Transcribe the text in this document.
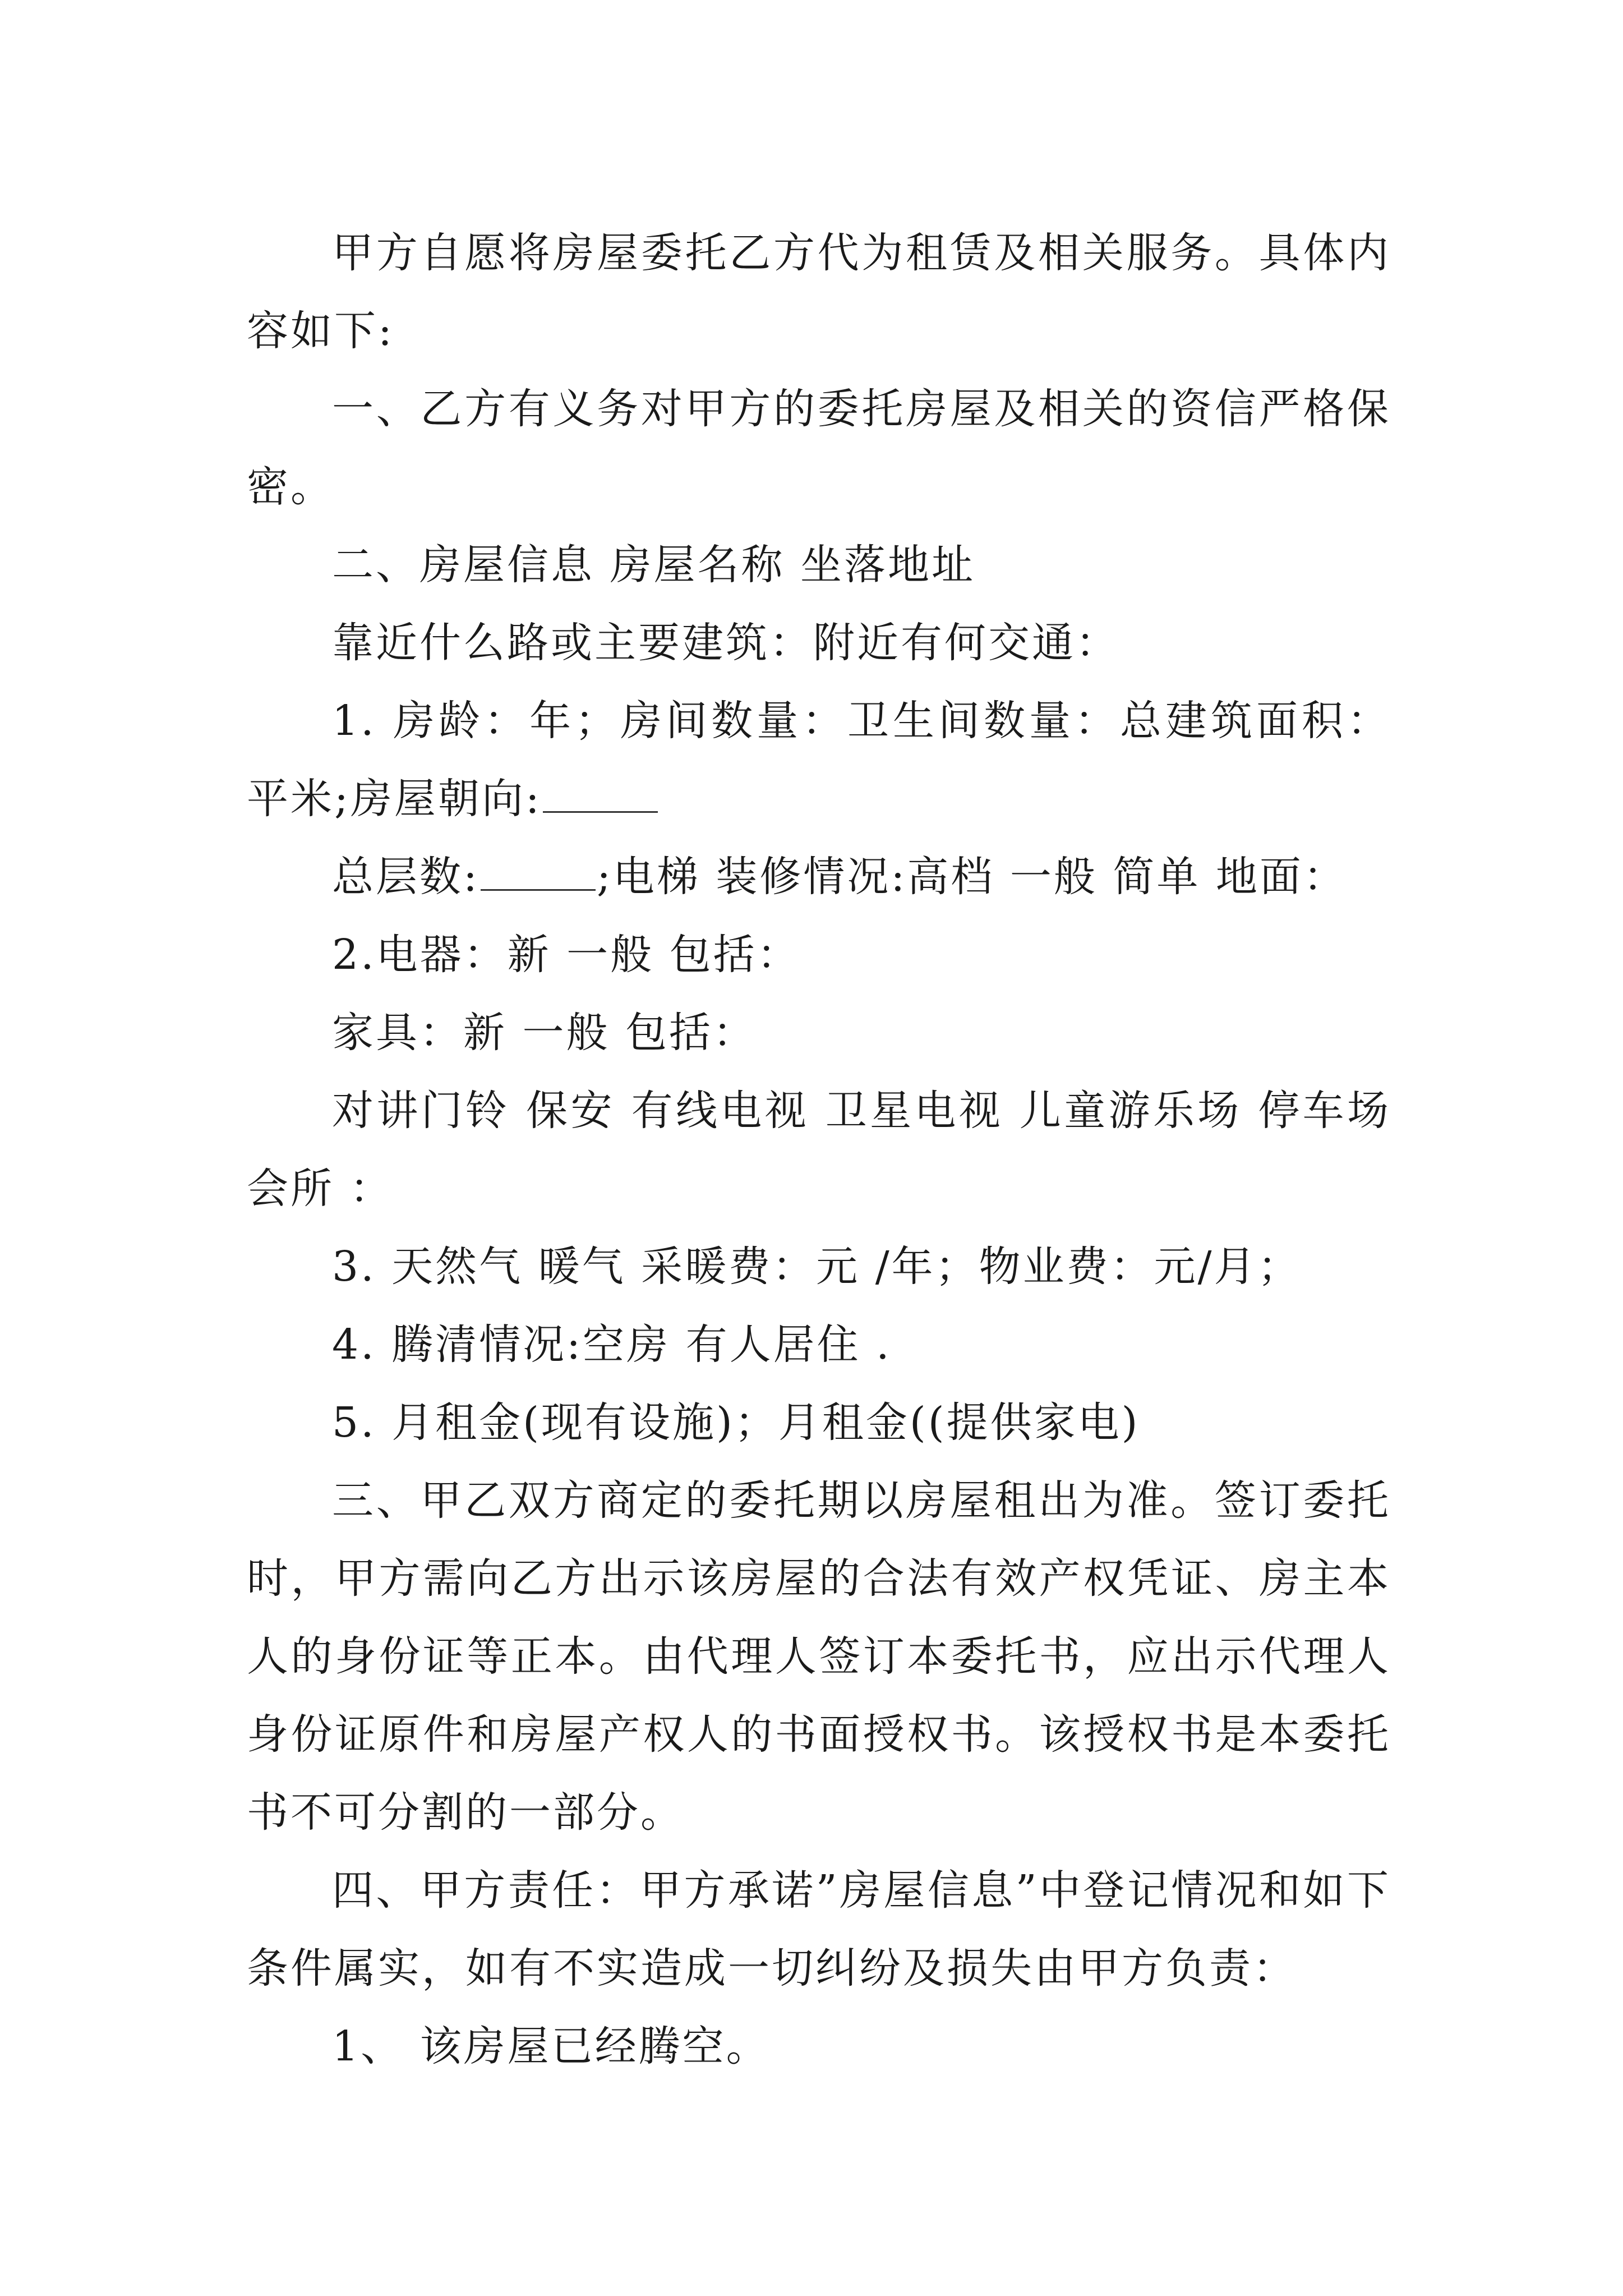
甲方自愿将房屋委托乙方代为租赁及相关服务。具体内容如下:

一、乙方有义务对甲方的委托房屋及相关的资信严格保密。

二、房屋信息 房屋名称 坐落地址

靠近什么路或主要建筑：附近有何交通：

1. 房龄：年；房间数量：卫生间数量：总建筑面积：平米;房屋朝向:

总层数:	;电梯 装修情况:高档 一般 简单 地面：

2.电器：新 一般 包括：

家具：新 一般 包括：

对讲门铃 保安 有线电视 卫星电视 儿童游乐场 停车场 会所 ：

3. 天然气 暖气 采暖费：元 /年；物业费：元/月；

4. 腾清情况:空房 有人居住 .

5. 月租金(现有设施)；月租金((提供家电)

三、甲乙双方商定的委托期以房屋租出为准。签订委托时，甲方需向乙方出示该房屋的合法有效产权凭证、房主本人的身份证等正本。由代理人签订本委托书，应出示代理人身份证原件和房屋产权人的书面授权书。该授权书是本委托书不可分割的一部分。

四、甲方责任：甲方承诺”房屋信息”中登记情况和如下条件属实，如有不实造成一切纠纷及损失由甲方负责：

1、 该房屋已经腾空。
